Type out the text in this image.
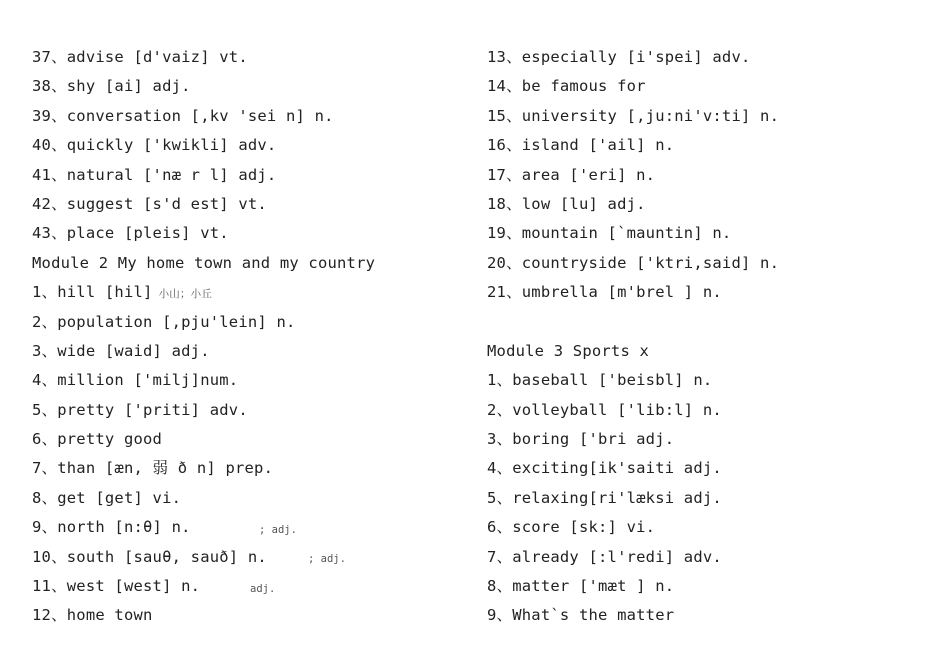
37、advise [d'vaiz] vt.
38、shy [ai] adj.
39、conversation [,kv 'sei n] n.
40、quickly ['kwikli] adv.
41、natural ['næ r l] adj.
42、suggest [s'd est] vt.
43、place [pleis] vt.
Module 2 My home town and my country
1、hill [hil] 小山；小丘
2、population [,pju'lein] n.
3、wide [waid] adj.
4、million ['milj]num.
5、pretty ['priti] adv.
6、pretty good
7、than [æn, 弱 ð n] prep.
8、get [get] vi.
9、north [n:θ] n.
10、south [sauθ, sauð] n.
11、west [west] n.
12、home town
; adj.
; adj.
adj.
13、especially [i'spei] adv.
14、be famous for
15、university [,ju:ni'v:ti] n.
16、island ['ail] n.
17、area ['eri] n.
18、low [lu] adj.
19、mountain [`mauntin] n.
20、countryside ['ktri,said] n.
21、umbrella [m'brel ] n.
Module 3 Sports x
1、baseball ['beisbl] n.
2、volleyball ['lib:l] n.
3、boring ['bri adj.
4、exciting[ik'saiti adj.
5、relaxing[ri'læksi adj.
6、score [sk:] vi.
7、already [:l'redi] adv.
8、matter ['mæt ] n.
9、What`s the matter
